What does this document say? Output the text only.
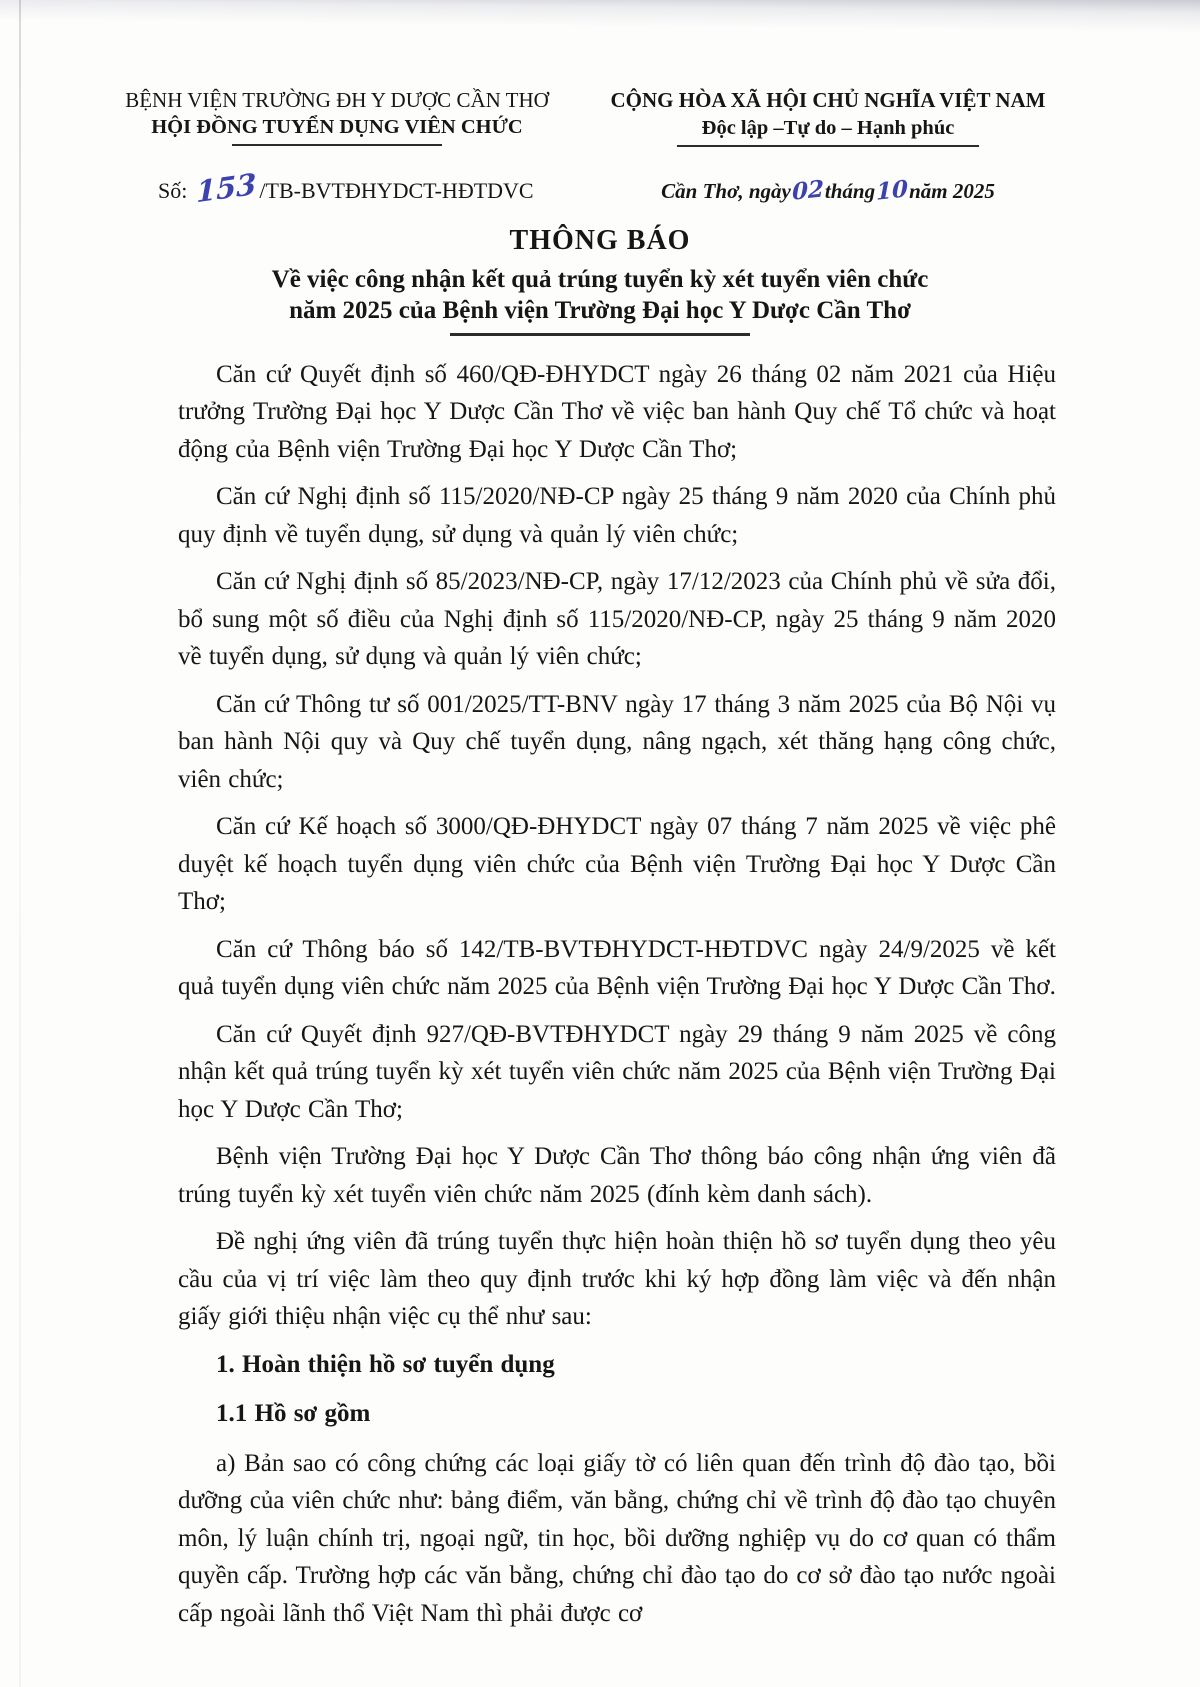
BỆNH VIỆN TRƯỜNG ĐH Y DƯỢC CẦN THƠ
HỘI ĐỒNG TUYỂN DỤNG VIÊN CHỨC
CỘNG HÒA XÃ HỘI CHỦ NGHĨA VIỆT NAM
Độc lập –Tự do – Hạnh phúc
Số: 153 /TB-BVTĐHYDCT-HĐTDVC	Cần Thơ, ngày02tháng10năm 2025
THÔNG BÁO
Về việc công nhận kết quả trúng tuyển kỳ xét tuyển viên chức
năm 2025 của Bệnh viện Trường Đại học Y Dược Cần Thơ

Căn cứ Quyết định số 460/QĐ-ĐHYDCT ngày 26 tháng 02 năm 2021 của Hiệu trưởng Trường Đại học Y Dược Cần Thơ về việc ban hành Quy chế Tổ chức và hoạt động của Bệnh viện Trường Đại học Y Dược Cần Thơ;

Căn cứ Nghị định số 115/2020/NĐ-CP ngày 25 tháng 9 năm 2020 của Chính phủ quy định về tuyển dụng, sử dụng và quản lý viên chức;

Căn cứ Nghị định số 85/2023/NĐ-CP, ngày 17/12/2023 của Chính phủ về sửa đổi, bổ sung một số điều của Nghị định số 115/2020/NĐ-CP, ngày 25 tháng 9 năm 2020 về tuyển dụng, sử dụng và quản lý viên chức;

Căn cứ Thông tư số 001/2025/TT-BNV ngày 17 tháng 3 năm 2025 của Bộ Nội vụ ban hành Nội quy và Quy chế tuyển dụng, nâng ngạch, xét thăng hạng công chức, viên chức;

Căn cứ Kế hoạch số 3000/QĐ-ĐHYDCT ngày 07 tháng 7 năm 2025 về việc phê duyệt kế hoạch tuyển dụng viên chức của Bệnh viện Trường Đại học Y Dược Cần Thơ;

Căn cứ Thông báo số 142/TB-BVTĐHYDCT-HĐTDVC ngày 24/9/2025 về kết quả tuyển dụng viên chức năm 2025 của Bệnh viện Trường Đại học Y Dược Cần Thơ.

Căn cứ Quyết định 927/QĐ-BVTĐHYDCT ngày 29 tháng 9 năm 2025 về công nhận kết quả trúng tuyển kỳ xét tuyển viên chức năm 2025 của Bệnh viện Trường Đại học Y Dược Cần Thơ;

Bệnh viện Trường Đại học Y Dược Cần Thơ thông báo công nhận ứng viên đã trúng tuyển kỳ xét tuyển viên chức năm 2025 (đính kèm danh sách).

Đề nghị ứng viên đã trúng tuyển thực hiện hoàn thiện hồ sơ tuyển dụng theo yêu cầu của vị trí việc làm theo quy định trước khi ký hợp đồng làm việc và đến nhận giấy giới thiệu nhận việc cụ thể như sau:

1. Hoàn thiện hồ sơ tuyển dụng

1.1 Hồ sơ gồm

a) Bản sao có công chứng các loại giấy tờ có liên quan đến trình độ đào tạo, bồi dưỡng của viên chức như: bảng điểm, văn bằng, chứng chỉ về trình độ đào tạo chuyên môn, lý luận chính trị, ngoại ngữ, tin học, bồi dưỡng nghiệp vụ do cơ quan có thẩm quyền cấp. Trường hợp các văn bằng, chứng chỉ đào tạo do cơ sở đào tạo nước ngoài cấp ngoài lãnh thổ Việt Nam thì phải được cơ
